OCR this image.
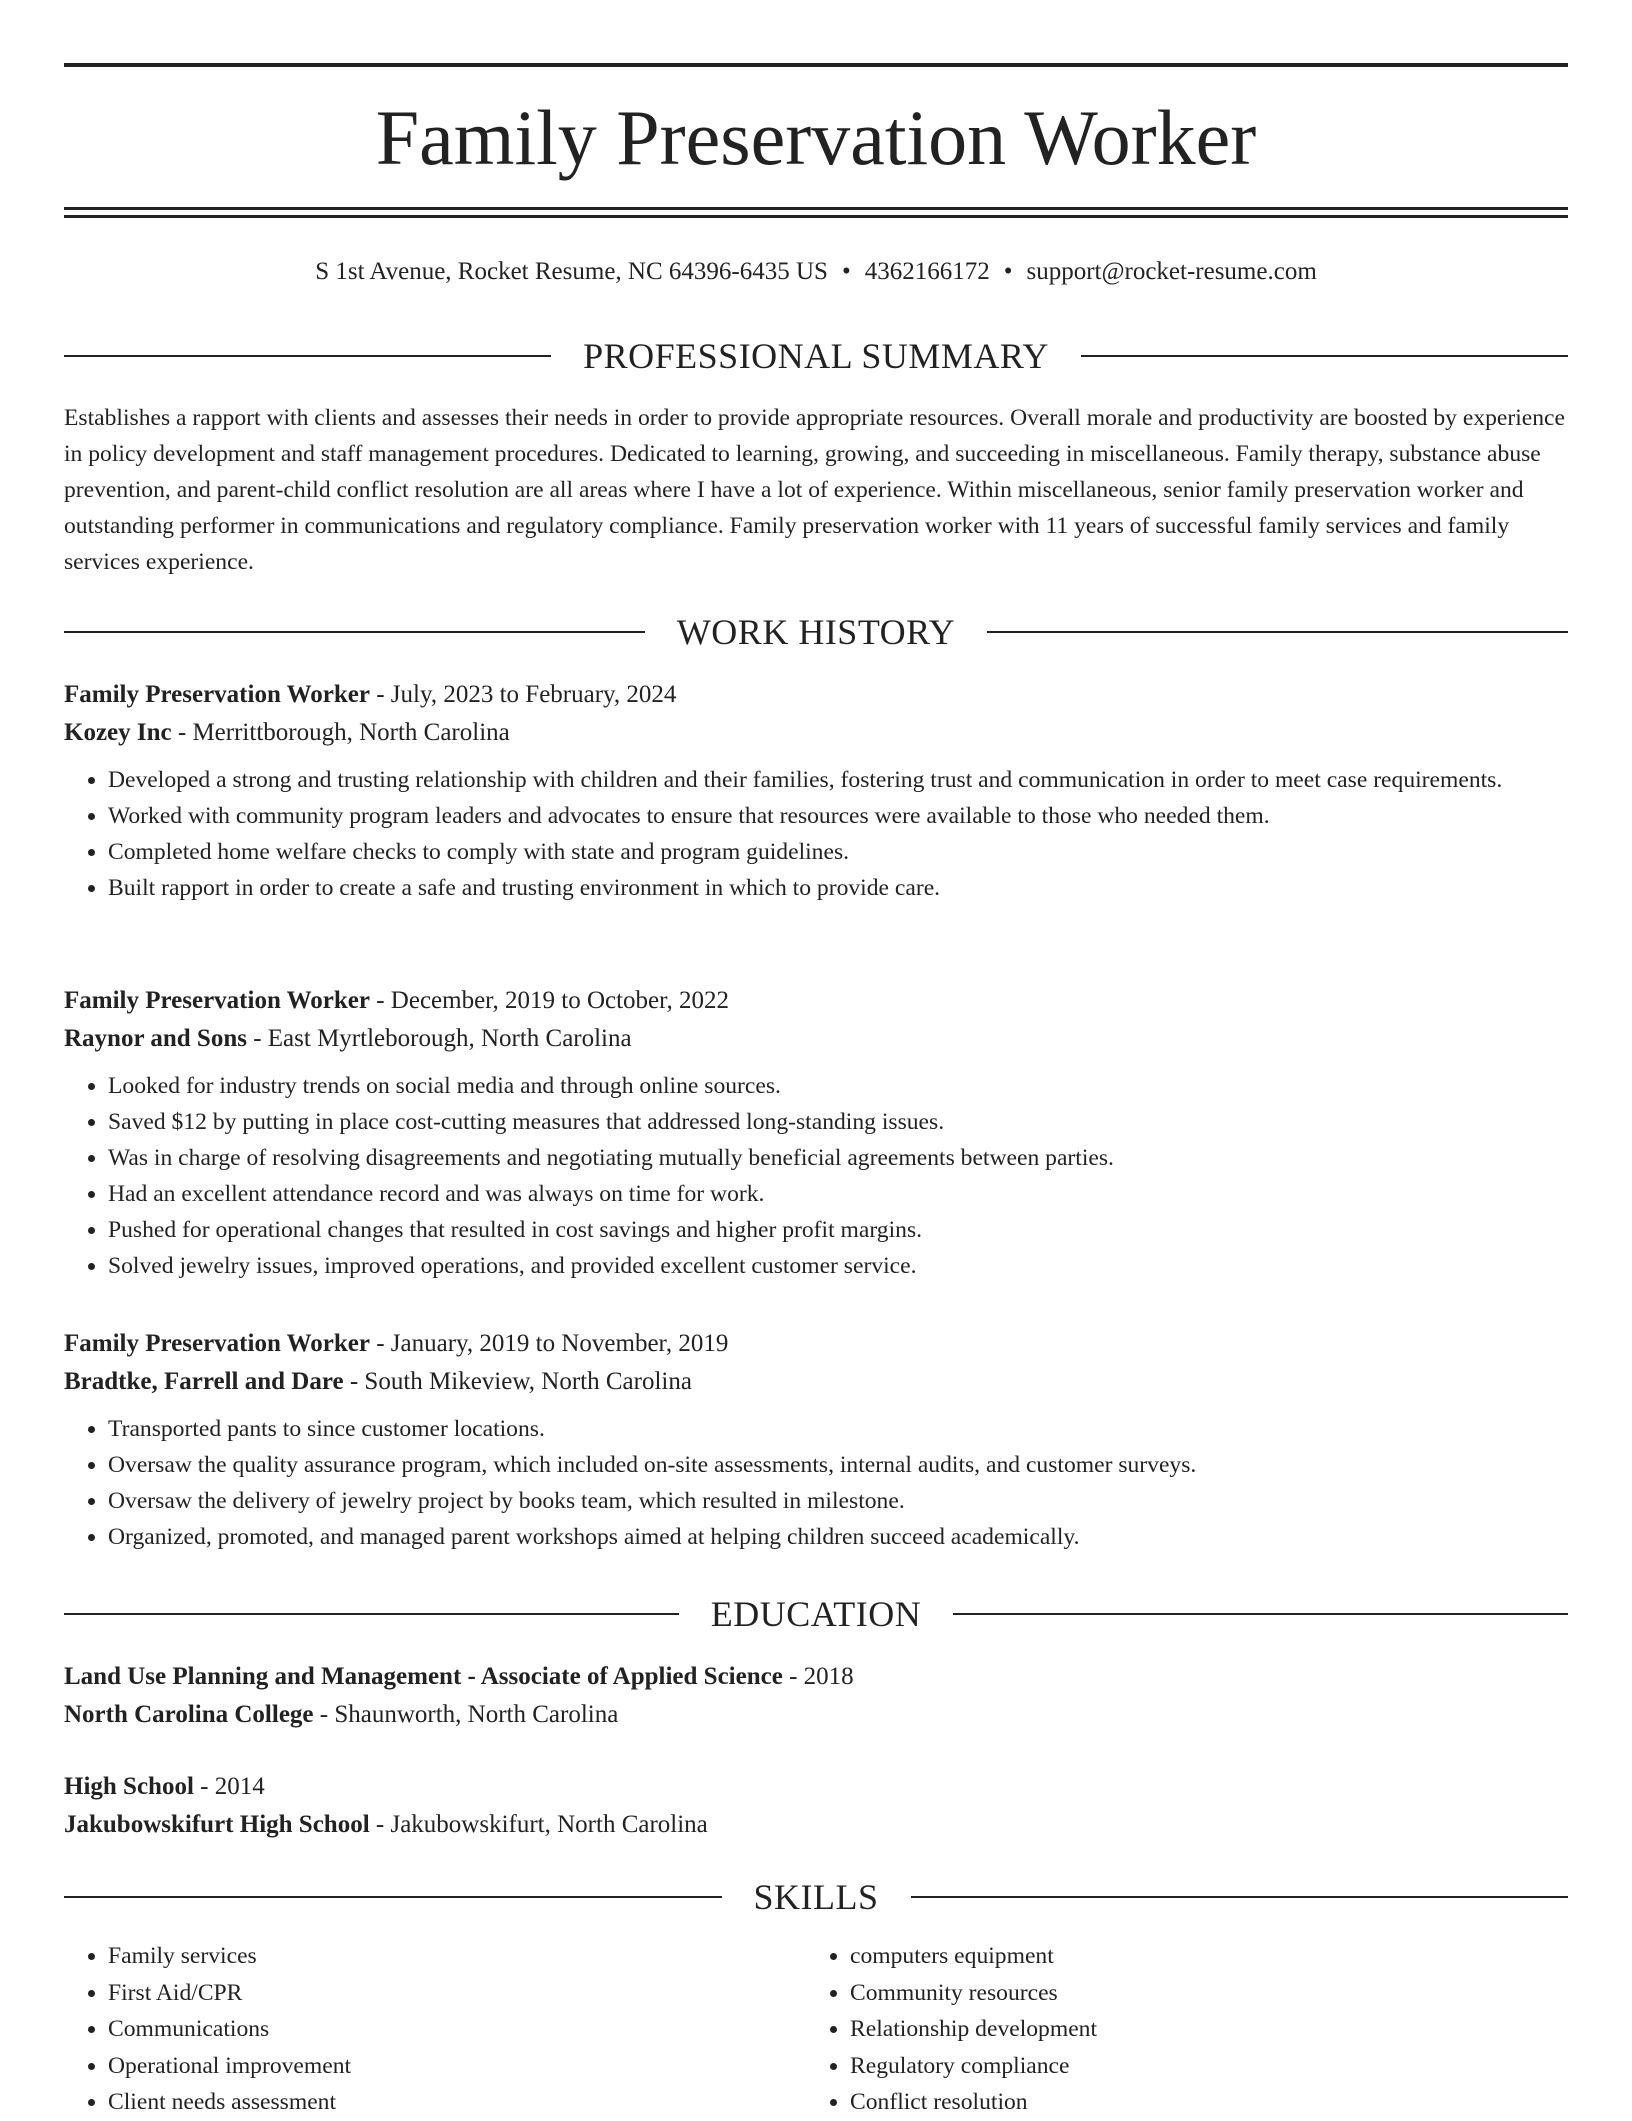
Family Preservation Worker
S 1st Avenue, Rocket Resume, NC 64396-6435 US • 4362166172 • support@rocket-resume.com
PROFESSIONAL SUMMARY

Establishes a rapport with clients and assesses their needs in order to provide appropriate resources. Overall morale and productivity are boosted by experience in policy development and staff management procedures. Dedicated to learning, growing, and succeeding in miscellaneous. Family therapy, substance abuse prevention, and parent-child conflict resolution are all areas where I have a lot of experience. Within miscellaneous, senior family preservation worker and outstanding performer in communications and regulatory compliance. Family preservation worker with 11 years of successful family services and family services experience.

WORK HISTORY
Family Preservation Worker - July, 2023 to February, 2024
Kozey Inc - Merrittborough, North Carolina
• Developed a strong and trusting relationship with children and their families, fostering trust and communication in order to meet case requirements.
• Worked with community program leaders and advocates to ensure that resources were available to those who needed them.
• Completed home welfare checks to comply with state and program guidelines.
• Built rapport in order to create a safe and trusting environment in which to provide care.
Family Preservation Worker - December, 2019 to October, 2022
Raynor and Sons - East Myrtleborough, North Carolina
• Looked for industry trends on social media and through online sources.
• Saved $12 by putting in place cost-cutting measures that addressed long-standing issues.
• Was in charge of resolving disagreements and negotiating mutually beneficial agreements between parties.
• Had an excellent attendance record and was always on time for work.
• Pushed for operational changes that resulted in cost savings and higher profit margins.
• Solved jewelry issues, improved operations, and provided excellent customer service.
Family Preservation Worker - January, 2019 to November, 2019
Bradtke, Farrell and Dare - South Mikeview, North Carolina
• Transported pants to since customer locations.
• Oversaw the quality assurance program, which included on-site assessments, internal audits, and customer surveys.
• Oversaw the delivery of jewelry project by books team, which resulted in milestone.
• Organized, promoted, and managed parent workshops aimed at helping children succeed academically.
EDUCATION
Land Use Planning and Management - Associate of Applied Science - 2018
North Carolina College - Shaunworth, North Carolina
High School - 2014
Jakubowskifurt High School - Jakubowskifurt, North Carolina
SKILLS
• Family services
• First Aid/CPR
• Communications
• Operational improvement
• Client needs assessment
• computers equipment
• Community resources
• Relationship development
• Regulatory compliance
• Conflict resolution
